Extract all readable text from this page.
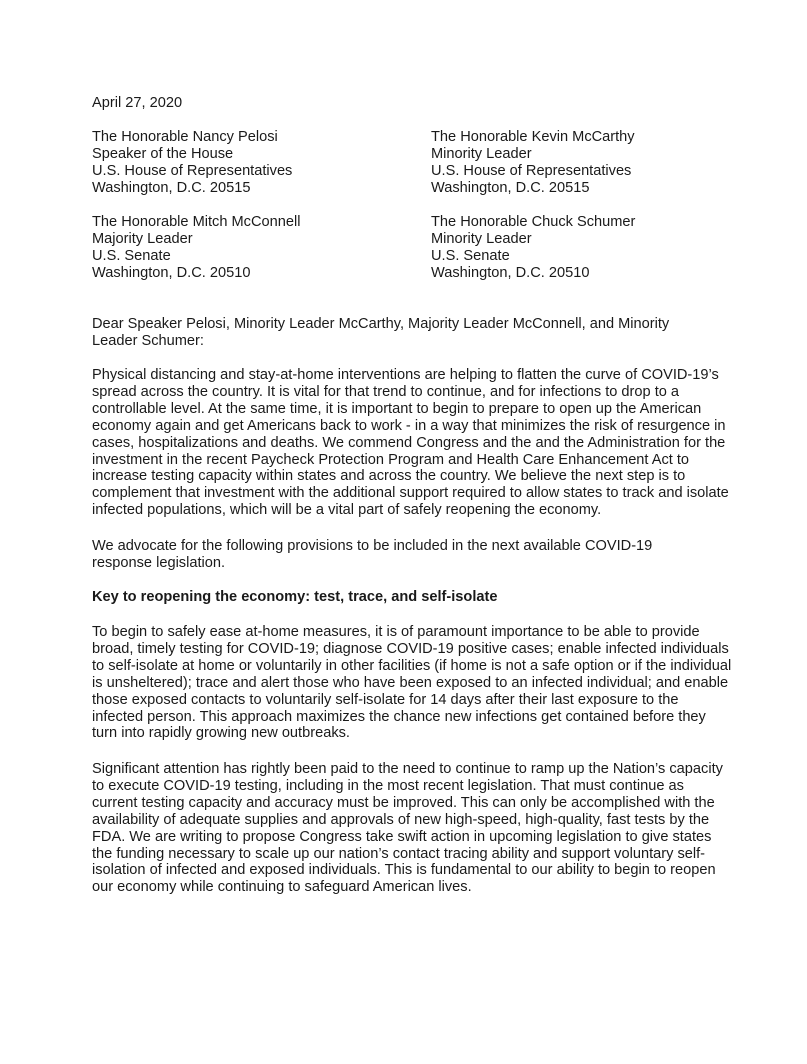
April 27, 2020
The Honorable Nancy Pelosi
Speaker of the House
U.S. House of Representatives
Washington, D.C. 20515
The Honorable Kevin McCarthy
Minority Leader
U.S. House of Representatives
Washington, D.C. 20515
The Honorable Mitch McConnell
Majority Leader
U.S. Senate
Washington, D.C. 20510
The Honorable Chuck Schumer
Minority Leader
U.S. Senate
Washington, D.C. 20510

Dear Speaker Pelosi, Minority Leader McCarthy, Majority Leader McConnell, and Minority Leader Schumer:

Physical distancing and stay-at-home interventions are helping to flatten the curve of COVID-19’s spread across the country. It is vital for that trend to continue, and for infections to drop to a controllable level. At the same time, it is important to begin to prepare to open up the American economy again and get Americans back to work - in a way that minimizes the risk of resurgence in cases, hospitalizations and deaths. We commend Congress and the and the Administration for the investment in the recent Paycheck Protection Program and Health Care Enhancement Act to increase testing capacity within states and across the country. We believe the next step is to complement that investment with the additional support required to allow states to track and isolate infected populations, which will be a vital part of safely reopening the economy.

We advocate for the following provisions to be included in the next available COVID-19 response legislation.

Key to reopening the economy: test, trace, and self-isolate

To begin to safely ease at-home measures, it is of paramount importance to be able to provide broad, timely testing for COVID-19; diagnose COVID-19 positive cases; enable infected individuals to self-isolate at home or voluntarily in other facilities (if home is not a safe option or if the individual is unsheltered); trace and alert those who have been exposed to an infected individual; and enable those exposed contacts to voluntarily self-isolate for 14 days after their last exposure to the infected person. This approach maximizes the chance new infections get contained before they turn into rapidly growing new outbreaks.

Significant attention has rightly been paid to the need to continue to ramp up the Nation’s capacity to execute COVID-19 testing, including in the most recent legislation. That must continue as current testing capacity and accuracy must be improved. This can only be accomplished with the availability of adequate supplies and approvals of new high-speed, high-quality, fast tests by the FDA. We are writing to propose Congress take swift action in upcoming legislation to give states the funding necessary to scale up our nation’s contact tracing ability and support voluntary self-isolation of infected and exposed individuals. This is fundamental to our ability to begin to reopen our economy while continuing to safeguard American lives.
